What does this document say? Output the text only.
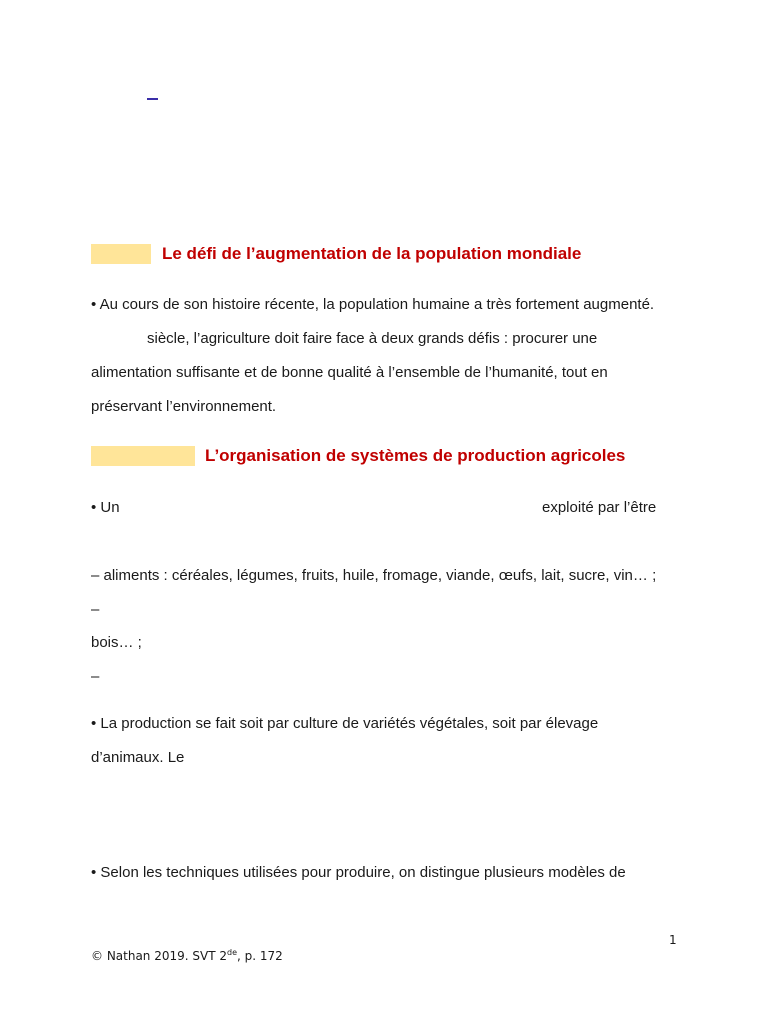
Le défi de l’augmentation de la population mondiale
• Au cours de son histoire récente, la population humaine a très fortement augmenté.
siècle, l’agriculture doit faire face à deux grands défis : procurer une
alimentation suffisante et de bonne qualité à l’ensemble de l’humanité, tout en
préservant l’environnement.
L’organisation de systèmes de production agricoles
• Un	exploité par l’être
– aliments : céréales, légumes, fruits, huile, fromage, viande, œufs, lait, sucre, vin… ;
–
bois… ;
–
• La production se fait soit par culture de variétés végétales, soit par élevage
d’animaux. Le
• Selon les techniques utilisées pour produire, on distingue plusieurs modèles de
1
© Nathan 2019. SVT 2de, p. 172
